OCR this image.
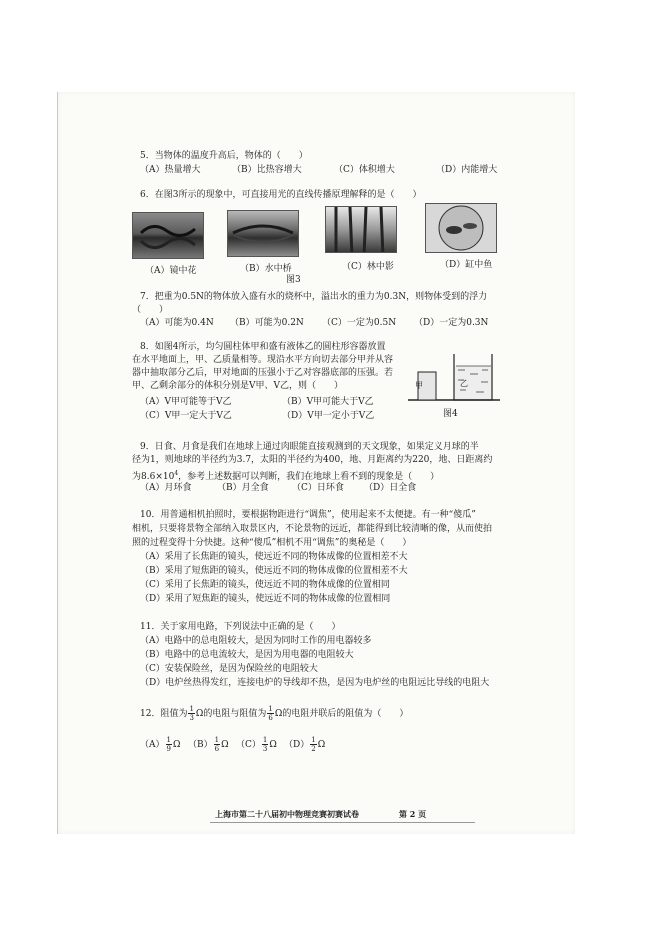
5．当物体的温度升高后，物体的（　　）
（A）热量增大	（B）比热容增大	（C）体积增大	（D）内能增大
6．在图3所示的现象中，可直接用光的直线传播原理解释的是（　　）
（A）镜中花	（B）水中桥	（C）林中影	（D）缸中鱼
图3
7．把重为0.5N的物体放入盛有水的烧杯中，溢出水的重力为0.3N，则物体受到的浮力
（　　）
（A）可能为0.4N （B）可能为0.2N （C）一定为0.5N （D）一定为0.3N
8．如图4所示，均匀圆柱体甲和盛有液体乙的圆柱形容器放置
在水平地面上，甲、乙质量相等。现沿水平方向切去部分甲并从容
器中抽取部分乙后，甲对地面的压强小于乙对容器底部的压强。若
甲、乙剩余部分的体积分别是V甲、V乙，则（　　）
（A）V甲可能等于V乙	（B）V甲可能大于V乙
（C）V甲一定大于V乙	（D）V甲一定小于V乙
甲	乙
图4
9．日食、月食是我们在地球上通过肉眼能直接观测到的天文现象，如果定义月球的半
径为1，则地球的半径约为3.7，太阳的半径约为400，地、月距离约为220，地、日距离约
为$8.6\times 10^4$，参考上述数据可以判断，我们在地球上看不到的现象是（　　）
（A）月环食	（B）月全食	（C）日环食 （D）日全食
10．用普通相机拍照时，要根据物距进行“调焦”，使用起来不太便捷。有一种“傻瓜”
相机，只要将景物全部纳入取景区内，不论景物的远近，都能得到比较清晰的像，从而使拍
照的过程变得十分快捷。这种“傻瓜”相机不用“调焦”的奥秘是（　　）
（A）采用了长焦距的镜头，使远近不同的物体成像的位置相差不大
（B）采用了短焦距的镜头，使远近不同的物体成像的位置相差不大
（C）采用了长焦距的镜头，使远近不同的物体成像的位置相同
（D）采用了短焦距的镜头，使远近不同的物体成像的位置相同
11．关于家用电路，下列说法中正确的是（　　）
（A）电路中的总电阻较大，是因为同时工作的用电器较多
（B）电路中的总电流较大，是因为用电器的电阻较大
（C）安装保险丝，是因为保险丝的电阻较大
（D）电炉丝热得发红，连接电炉的导线却不热，是因为电炉丝的电阻远比导线的电阻大
12．阻值为 $\frac{1}{3}$ Ω的电阻与阻值为 $\frac{1}{6}$ Ω的电阻并联后的阻值为（　　）
$(A) \frac{1}{9}$ Ω $(B) \frac{1}{6}$ Ω $(C) \frac{1}{3}$ Ω $(D) \frac{1}{2}$ Ω
上海市第二十八届初中物理竞赛初赛试卷	第 2 页
